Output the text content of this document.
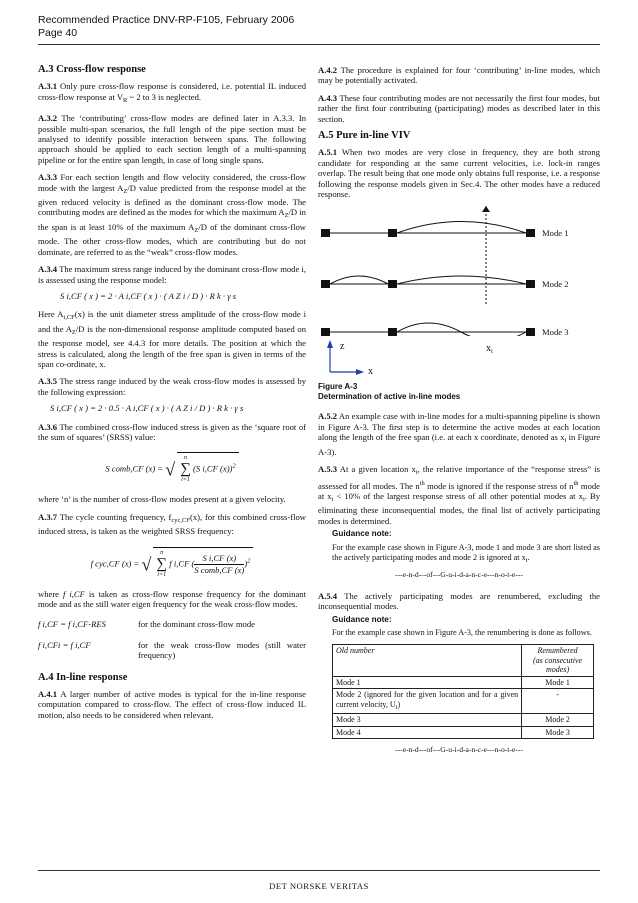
Recommended Practice DNV-RP-F105, February 2006
Page 40
A.3 Cross-flow response

A.3.1 Only pure cross-flow response is considered, i.e. potential IL induced cross-flow response at $V_R$ ~ 2 to 3 is neglected.

A.3.2 The ‘contributing’ cross-flow modes are defined later in A.3.3. In possible multi-span scenarios, the full length of the pipe section must be analysed to identify possible interaction between spans. The following approach should be applied to each section length of a multi-spanning pipeline or for the entire span length, in case of long single spans.

A.3.3 For each section length and flow velocity considered, the cross-flow mode with the largest $A_Z/D$ value predicted from the response model at the given reduced velocity is defined as the dominant cross-flow mode. The contributing modes are defined as the modes for which the maximum $A_Z/D$ in the span is at least 10% of the maximum $A_Z/D$ of the dominant cross-flow mode. The other cross-flow modes, which are contributing but do not dominate, are referred to as the “weak” cross-flow modes.

A.3.4 The maximum stress range induced by the dominant cross-flow mode i, is assessed using the response model:

S i,CF ( x ) = 2 · A i,CF ( x ) · ( A Z i / D ) · R k · γ s

Here $A_{i,CF}(x)$ is the unit diameter stress amplitude of the cross-flow mode i and the $A_Z/D$ is the non-dimensional response amplitude computed based on the response model, see 4.4.3 for more details. The position at which the stress is calculated, along the length of the free span is given in terms of the span co-ordinate, x.

A.3.5 The stress range induced by the weak cross-flow modes is assessed by the following expression:

S i,CF ( x ) = 2 · 0.5 · A i,CF ( x ) · ( A Z i / D ) · R k · γ s

A.3.6 The combined cross-flow induced stress is given as the ‘square root of the sum of squares’ (SRSS) value:

S comb,CF (x) = √
n
∑
i=1
(S i,CF (x))$^2$

where ‘n’ is the number of cross-flow modes present at a given velocity.

A.3.7 The cycle counting frequency, $f_{cyc,CF}(x)$, for this combined cross-flow induced stress, is taken as the weighted SRSS frequency:

f cyc,CF (x) = √
n
∑
i=1
f i,CF ( $\frac{\text{S i,CF (x)}}{\text{S comb,CF (x)}} )^2$

where f i,CF is taken as cross-flow response frequency for the dominant mode and as the still water eigen frequency for the weak cross-flow modes.

f i,CF = f i,CF-RES	for the dominant cross-flow mode
f i,CFi = f i,CF	for the weak cross-flow modes (still water frequency)
A.4 In-line response

A.4.1 A larger number of active modes is typical for the in-line response computation compared to cross-flow. The effect of cross-flow induced IL motion, also needs to be considered when relevant.

A.4.2 The procedure is explained for four ‘contributing’ in-line modes, which may be potentially activated.

A.4.3 These four contributing modes are not necessarily the first four modes, but rather the first four contributing (participating) modes as described later in this section.

A.5 Pure in-line VIV

A.5.1 When two modes are very close in frequency, they are both strong candidate for responding at the same current velocities, i.e. lock-in ranges overlap. The result being that one mode only obtains full response, i.e. a response following the response models given in Sec.4. The other modes have a reduced response.

Mode 1
Mode 2
Mode 3
z
x
$x_i$
Figure A-3
Determination of active in-line modes

A.5.2 An example case with in-line modes for a multi-spanning pipeline is shown in Figure A-3. The first step is to determine the active modes at each location along the length of the free span (i.e. at each x coordinate, denoted as $x_i$ in Figure A-3).

A.5.3 At a given location $x_i$, the relative importance of the “response stress” is assessed for all modes. The $n^{th}$ mode is ignored if the response stress of $n^{th}$ mode at $x_i < 10\%$ of the largest response stress of all other potential modes at $x_i$. By eliminating these inconsequential modes, the final list of actively participating modes is determined.

Guidance note:
For the example case shown in Figure A-3, mode 1 and mode 3 are short listed as the actively participating modes and mode 2 is ignored at $x_i$.
---e-n-d---of---G-u-i-d-a-n-c-e---n-o-t-e---

A.5.4 The actively participating modes are renumbered, excluding the inconsequential modes.

Guidance note:
For the example case shown in Figure A-3, the renumbering is done as follows.
Old number	Renumbered
(as consecutive modes)

Mode 1	Mode 1
Mode 2 (ignored for the given location and for a given current velocity, $U_i$)	-
Mode 3	Mode 2
Mode 4	Mode 3
---e-n-d---of---G-u-i-d-a-n-c-e---n-o-t-e---
DET NORSKE VERITAS
